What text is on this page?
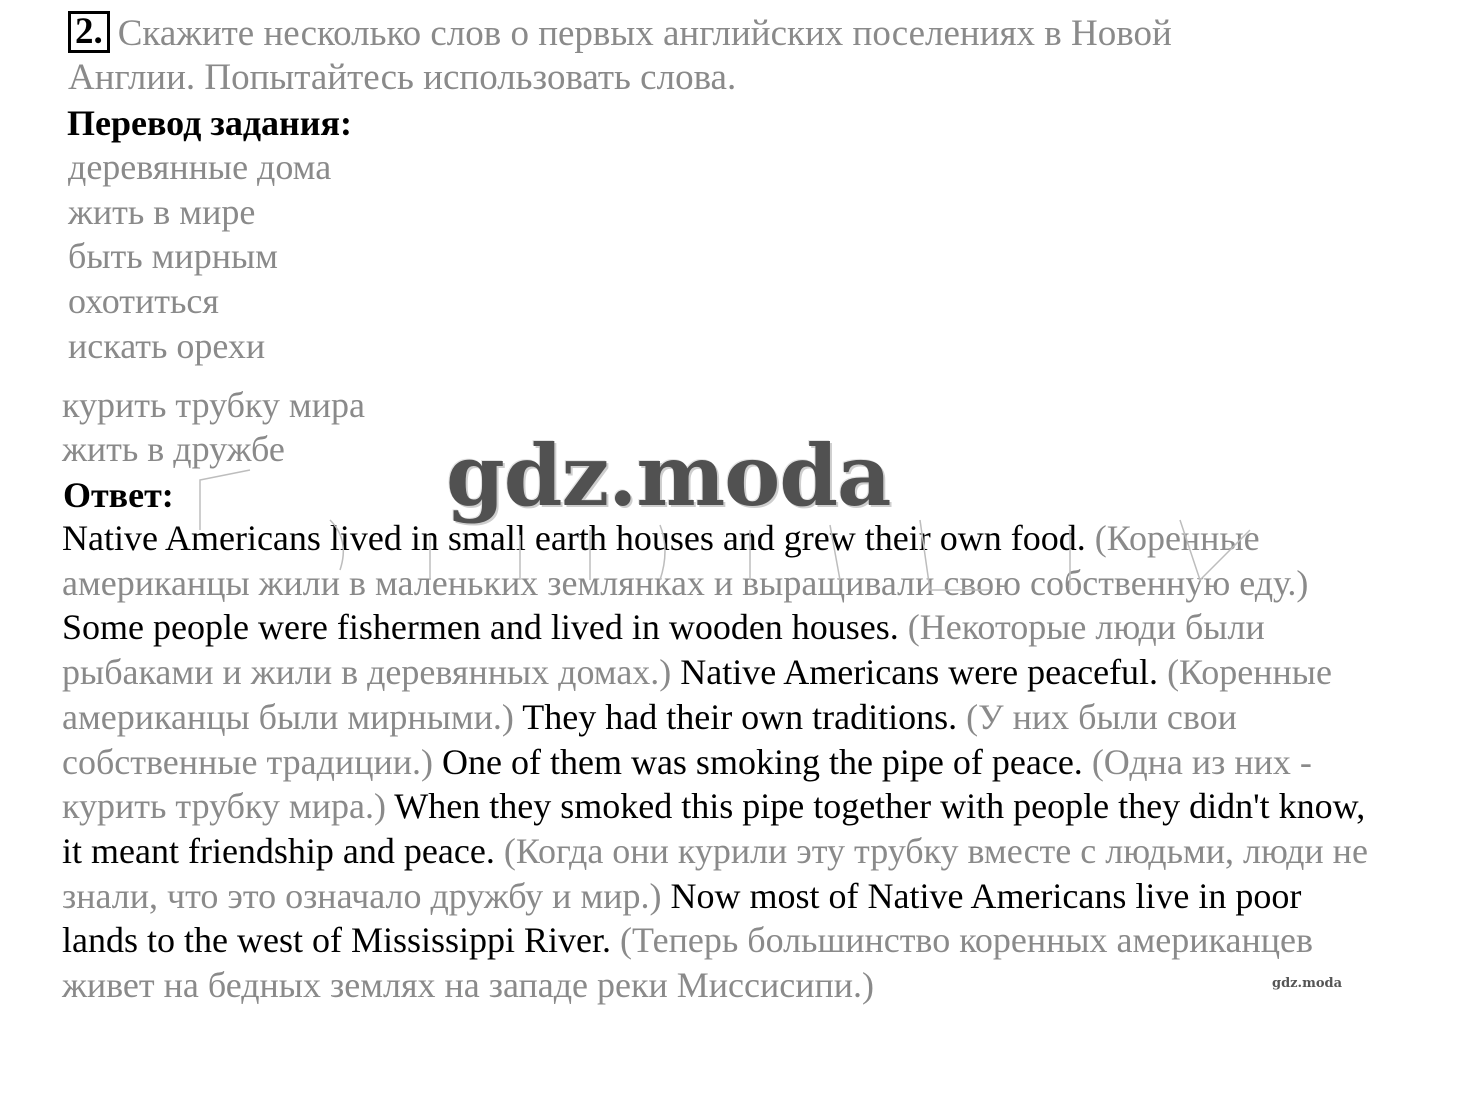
2. Скажите несколько слов о первых английских поселениях в Новой
Англии. Попытайтесь использовать слова.
Перевод задания:
деревянные дома
жить в мире
быть мирным
охотиться
искать орехи
курить трубку мира
жить в дружбе
Ответ:
Native Americans lived in small earth houses and grew their own food. (Коренные американцы жили в маленьких землянках и выращивали свою собственную еду.) Some people were fishermen and lived in wooden houses. (Некоторые люди были рыбаками и жили в деревянных домах.) Native Americans were peaceful. (Коренные американцы были мирными.) They had their own traditions. (У них были свои собственные традиции.) One of them was smoking the pipe of peace. (Одна из них - курить трубку мира.) When they smoked this pipe together with people they didn't know, it meant friendship and peace. (Когда они курили эту трубку вместе с людьми, люди не знали, что это означало дружбу и мир.) Now most of Native Americans live in poor lands to the west of Mississippi River. (Теперь большинство коренных американцев живет на бедных землях на западе реки Миссисипи.)
gdz.moda
gdz.moda
